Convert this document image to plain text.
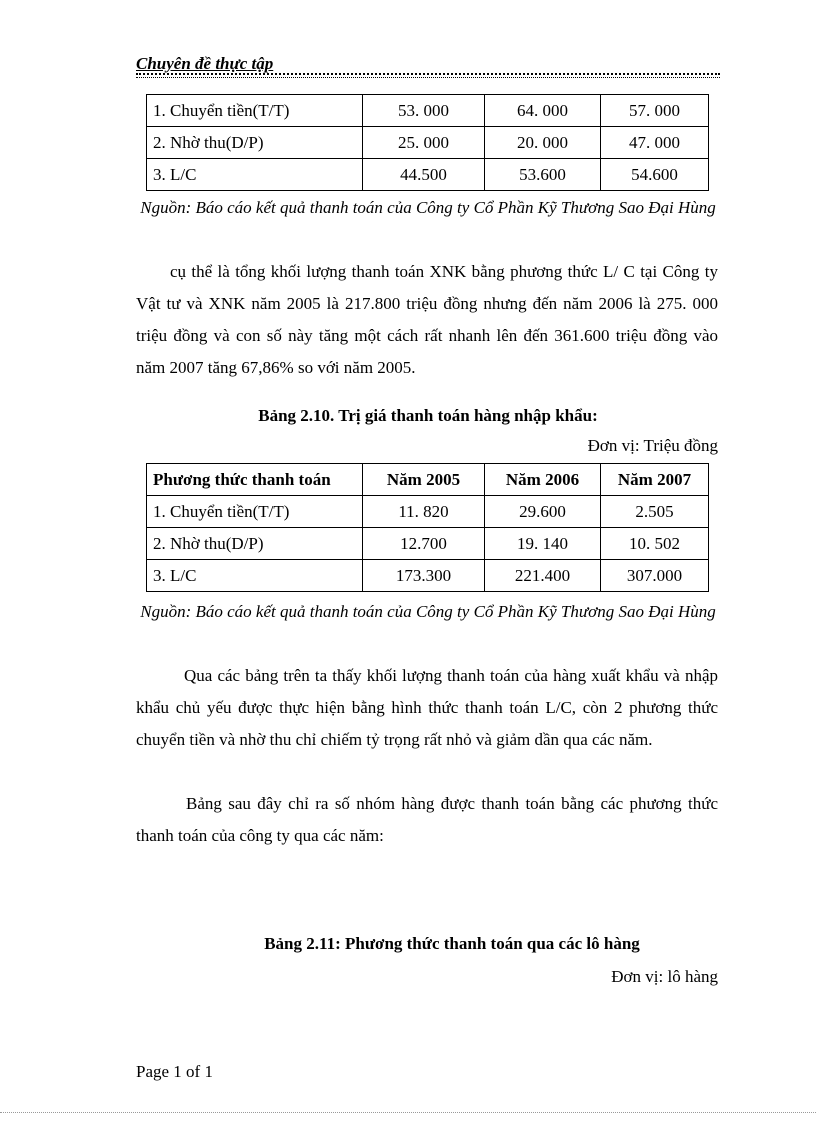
Chuyên đề thực tập
1. Chuyển tiền(T/T)	53. 000	64. 000	57. 000
2. Nhờ thu(D/P)	25. 000	20. 000	47. 000
3. L/C	44.500	53.600	54.600
Nguồn: Báo cáo kết quả thanh toán của Công ty Cổ Phần Kỹ Thương Sao Đại Hùng
cụ thể là tổng khối lượng thanh toán XNK bằng phương thức L/ C tại Công ty Vật tư và XNK năm 2005 là 217.800 triệu đồng nhưng đến năm 2006 là 275. 000 triệu đồng và con số này tăng một cách rất nhanh lên đến 361.600 triệu đồng vào năm 2007 tăng 67,86% so với năm 2005.
Bảng 2.10. Trị giá thanh toán hàng nhập khẩu:
Đơn vị: Triệu đồng
Phương thức thanh toán	Năm 2005	Năm 2006	Năm 2007
1. Chuyển tiền(T/T)	11. 820	29.600	2.505
2. Nhờ thu(D/P)	12.700	19. 140	10. 502
3. L/C	173.300	221.400	307.000
Nguồn: Báo cáo kết quả thanh toán của Công ty Cổ Phần Kỹ Thương Sao Đại Hùng
Qua các bảng trên ta thấy khối lượng thanh toán của hàng xuất khẩu và nhập khẩu chủ yếu được thực hiện bằng hình thức thanh toán L/C, còn 2 phương thức chuyển tiền và nhờ thu chỉ chiếm tỷ trọng rất nhỏ và giảm dần qua các năm.
Bảng sau đây chỉ ra số nhóm hàng được thanh toán bằng các phương thức thanh toán của công ty qua các năm:
Bảng 2.11: Phương thức thanh toán qua các lô hàng
Đơn vị: lô hàng
Page 1 of 1
